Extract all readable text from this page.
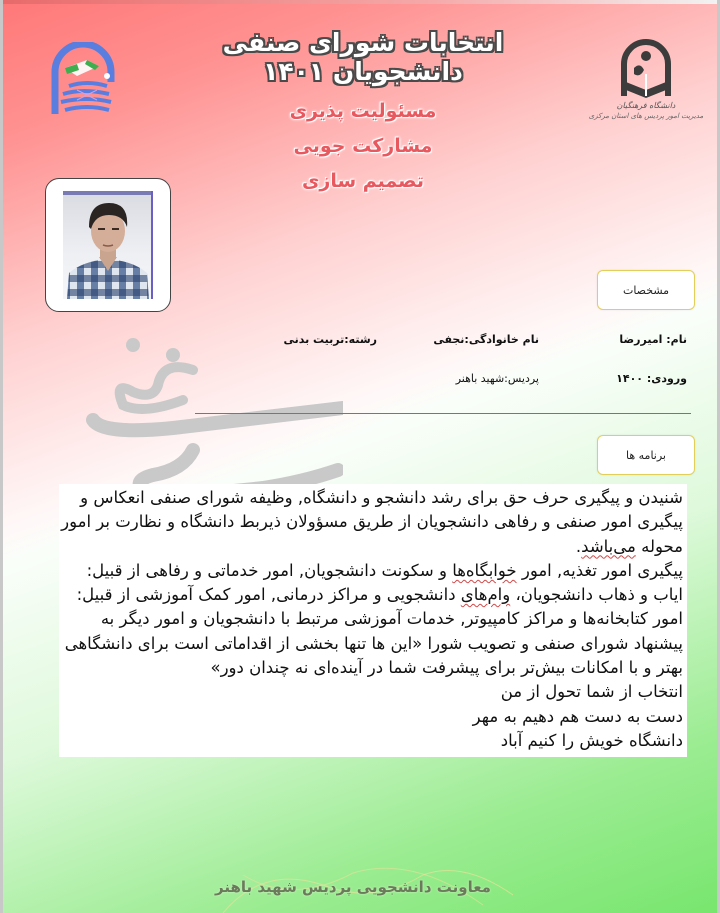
انتخابات شورای صنفی دانشجویان ۱۴۰۱
دانشگاه فرهنگیان
مدیریت امور پردیس های استان مرکزی
مسئولیت پذیری
مشارکت جویی
تصمیم سازی
مشخصات
نام: امیررضا
نام خانوادگی:نجفی
رشته:تربیت بدنی
ورودی: ۱۴۰۰
پردیس:شهید باهنر
برنامه ها
شنیدن و پیگیری حرف حق برای رشد دانشجو و دانشگاه, وظیفه شورای صنفی انعکاس و پیگیری امور صنفی و رفاهی دانشجویان از طریق مسؤولان ذیربط دانشگاه و نظارت بر امور محوله می‌باشد.
پیگیری امور تغذیه, امور خوابگاه‌ها و سکونت دانشجویان, امور خدماتی و رفاهی از قبیل: ایاب و ذهاب دانشجویان، وام‌های دانشجویی و مراکز درمانی, امور کمک آموزشی از قبیل: امور کتابخانه‌ها و مراکز کامپیوتر, خدمات آموزشی مرتبط با دانشجویان و امور دیگر به پیشنهاد شورای صنفی و تصویب شورا «این ها تنها بخشی از اقداماتی است برای دانشگاهی بهتر و با امکانات بیش‌تر برای پیشرفت شما در آینده‌ای نه چندان دور»
انتخاب از شما تحول از من
دست به دست هم دهیم به مهر
دانشگاه خویش را کنیم آباد
معاونت دانشجویی پردیس شهید باهنر
